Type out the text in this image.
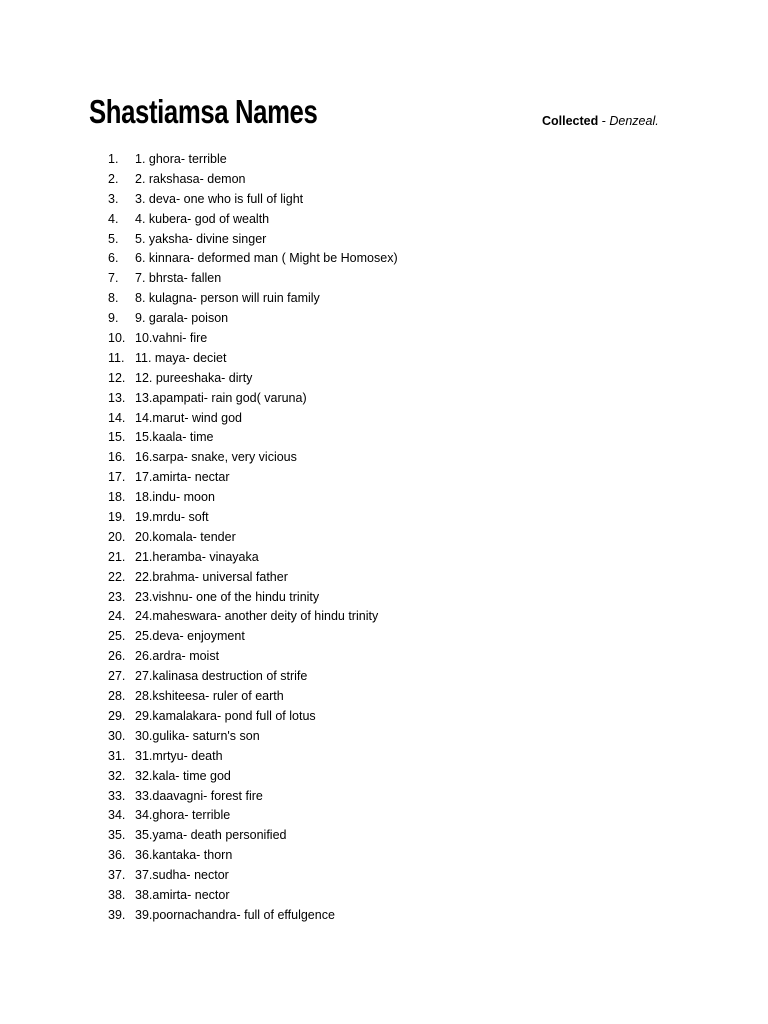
Shastiamsa Names	Collected - Denzeal.
1.	1. ghora- terrible
2.	2. rakshasa- demon
3.	3. deva- one who is full of light
4.	4. kubera- god of wealth
5.	5. yaksha- divine singer
6.	6. kinnara- deformed man ( Might be Homosex)
7.	7. bhrsta- fallen
8.	8. kulagna- person will ruin family
9.	9. garala- poison
10. 10.vahni- fire
11. 11. maya- deciet
12. 12. pureeshaka- dirty
13. 13.apampati- rain god( varuna)
14. 14.marut- wind god
15. 15.kaala- time
16. 16.sarpa- snake, very vicious
17. 17.amirta- nectar
18. 18.indu- moon
19. 19.mrdu- soft
20. 20.komala- tender
21. 21.heramba- vinayaka
22. 22.brahma- universal father
23. 23.vishnu- one of the hindu trinity
24. 24.maheswara- another deity of hindu trinity
25. 25.deva- enjoyment
26. 26.ardra- moist
27. 27.kalinasa destruction of strife
28. 28.kshiteesa- ruler of earth
29. 29.kamalakara- pond full of lotus
30. 30.gulika- saturn's son
31. 31.mrtyu- death
32. 32.kala- time god
33. 33.daavagni- forest fire
34. 34.ghora- terrible
35. 35.yama- death personified
36. 36.kantaka- thorn
37. 37.sudha- nector
38. 38.amirta- nector
39. 39.poornachandra- full of effulgence
